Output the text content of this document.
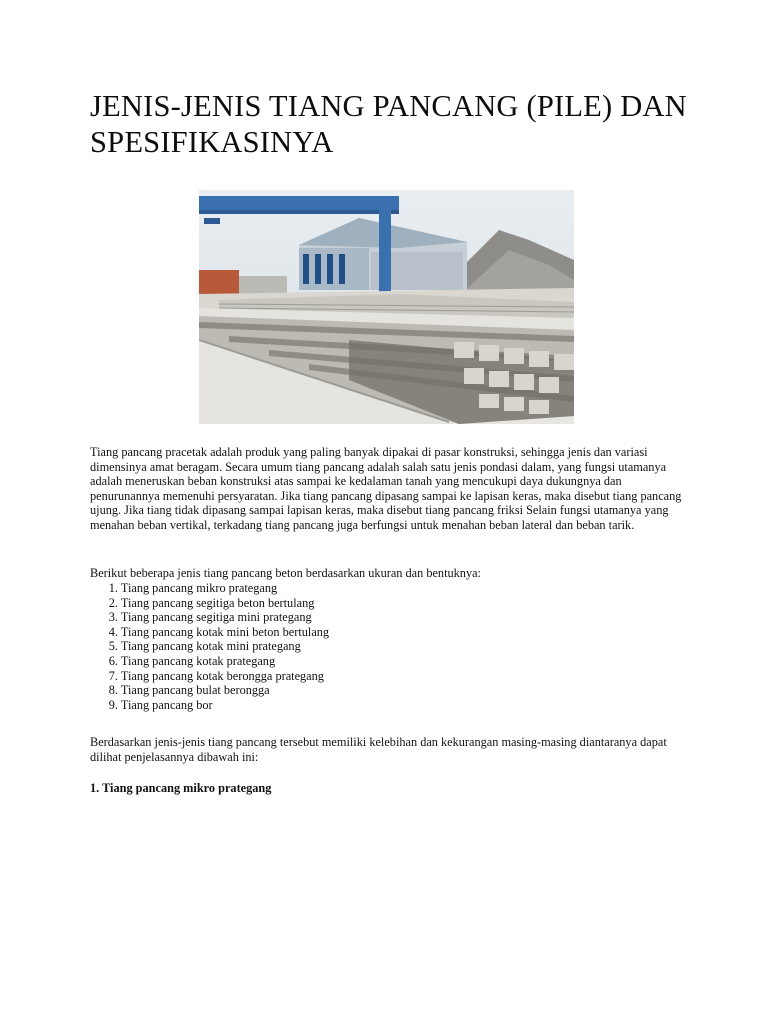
JENIS-JENIS TIANG PANCANG (PILE) DAN SPESIFIKASINYA

Tiang pancang pracetak adalah produk yang paling banyak dipakai di pasar konstruksi, sehingga jenis dan variasi dimensinya amat beragam. Secara umum tiang pancang adalah salah satu jenis pondasi dalam, yang fungsi utamanya adalah meneruskan beban konstruksi atas sampai ke kedalaman tanah yang mencukupi daya dukungnya dan penurunannya memenuhi persyaratan. Jika tiang pancang dipasang sampai ke lapisan keras, maka disebut tiang pancang ujung. Jika tiang tidak dipasang sampai lapisan keras, maka disebut tiang pancang friksi Selain fungsi utamanya yang menahan beban vertikal, terkadang tiang pancang juga berfungsi untuk menahan beban lateral dan beban tarik.

Berikut beberapa jenis tiang pancang beton berdasarkan ukuran dan bentuknya:

1. Tiang pancang mikro prategang
2. Tiang pancang segitiga beton bertulang
3. Tiang pancang segitiga mini prategang
4. Tiang pancang kotak mini beton bertulang
5. Tiang pancang kotak mini prategang
6. Tiang pancang kotak prategang
7. Tiang pancang kotak berongga prategang
8. Tiang pancang bulat berongga
9. Tiang pancang bor

Berdasarkan jenis-jenis tiang pancang tersebut memiliki kelebihan dan kekurangan masing-masing diantaranya dapat dilihat penjelasannya dibawah ini:

1. Tiang pancang mikro prategang
